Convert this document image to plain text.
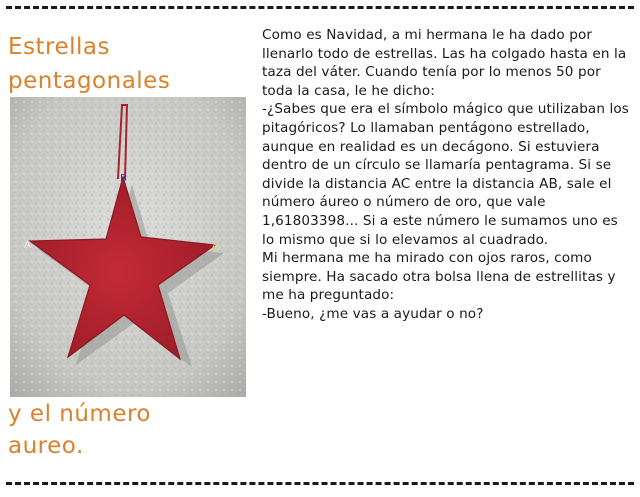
Estrellas
pentagonales
B
A	C
y el número
aureo.

Como es Navidad, a mi hermana le ha dado por llenarlo todo de estrellas. Las ha colgado hasta en la taza del váter. Cuando tenía por lo menos 50 por toda la casa, le he dicho:

-¿Sabes que era el símbolo mágico que utilizaban los pitagóricos? Lo llamaban pentágono estrellado, aunque en realidad es un decágono. Si estuviera dentro de un círculo se llamaría pentagrama. Si se divide la distancia AC entre la distancia AB, sale el número áureo o número de oro, que vale 1,61803398... Si a este número le sumamos uno es lo mismo que si lo elevamos al cuadrado.

Mi hermana me ha mirado con ojos raros, como siempre. Ha sacado otra bolsa llena de estrellitas y me ha preguntado:

-Bueno, ¿me vas a ayudar o no?
